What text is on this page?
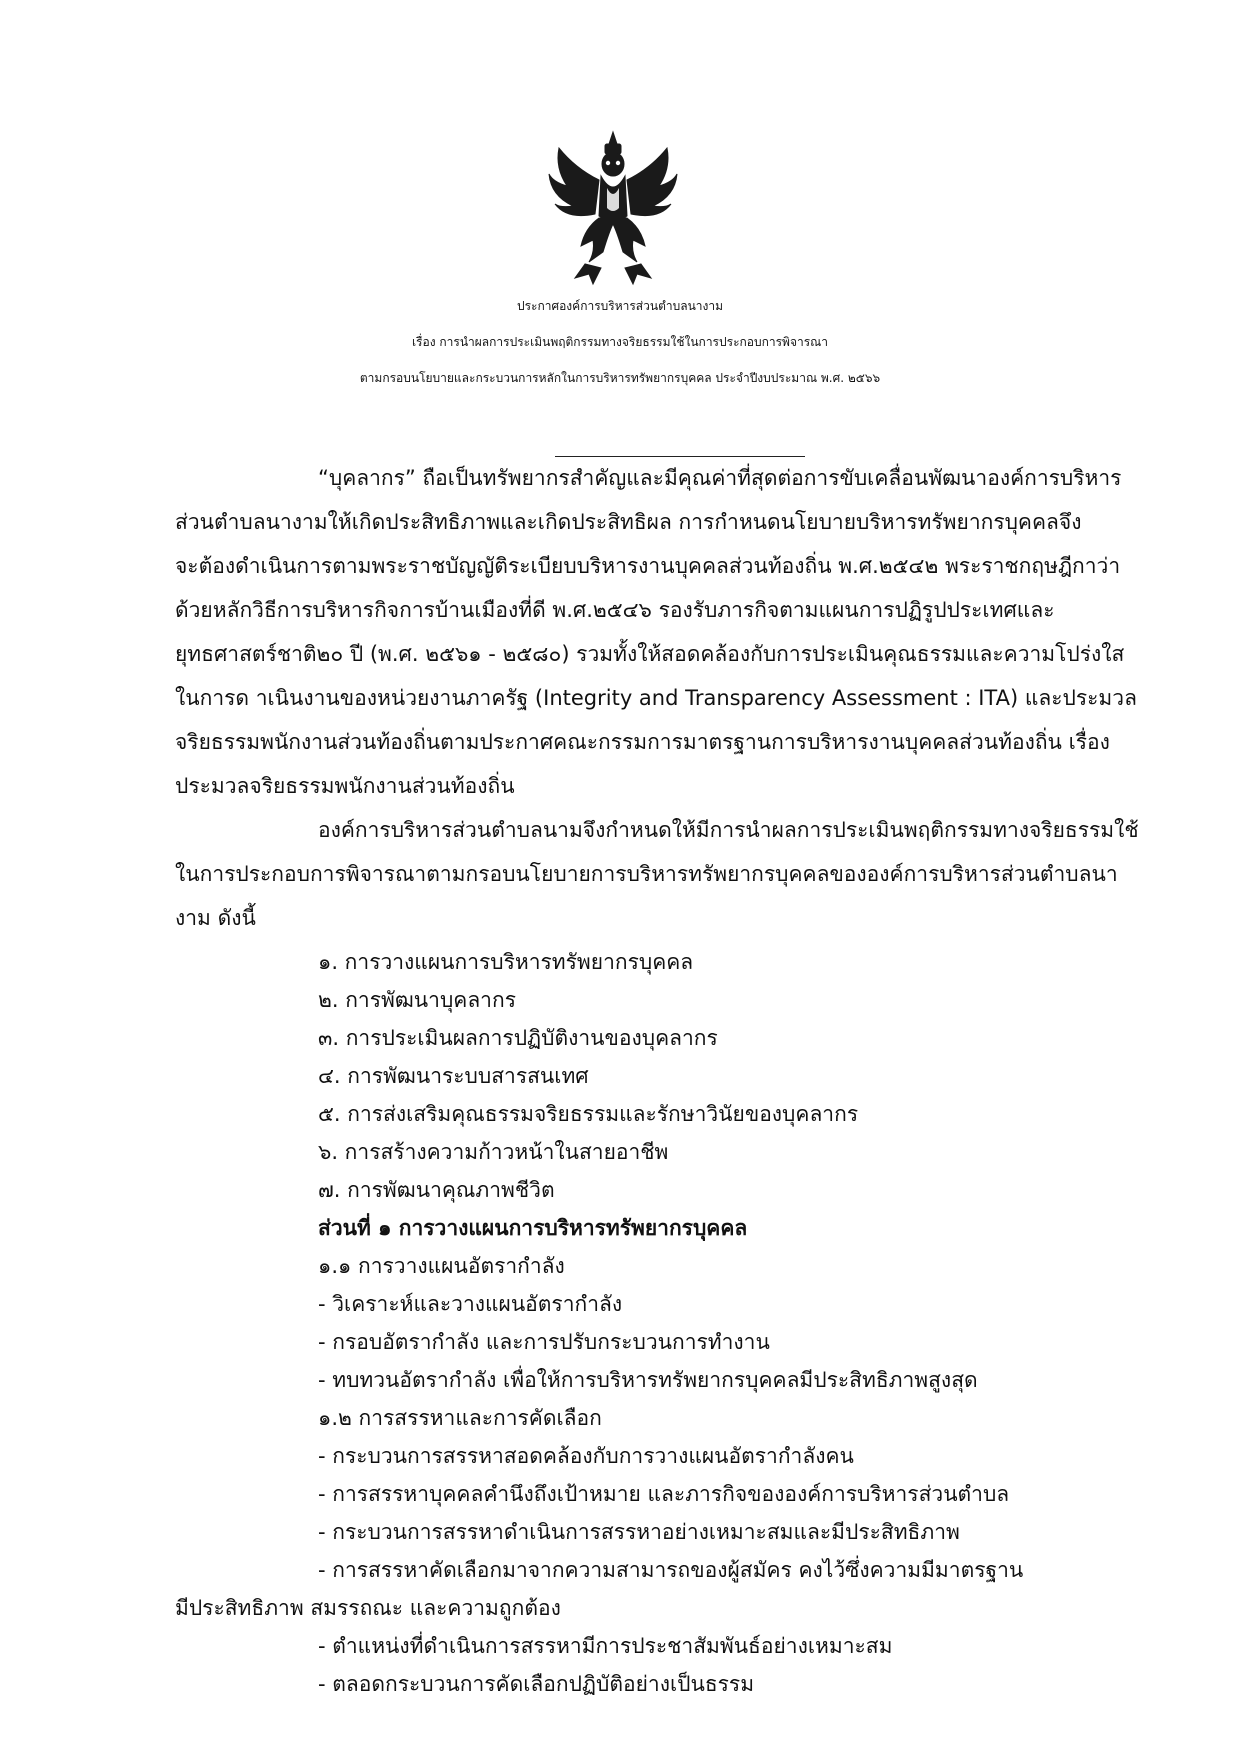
ประกาศองค์การบริหารส่วนตำบลนางาม
เรื่อง การนำผลการประเมินพฤติกรรมทางจริยธรรมใช้ในการประกอบการพิจารณา
ตามกรอบนโยบายและกระบวนการหลักในการบริหารทรัพยากรบุคคล ประจำปีงบประมาณ พ.ศ. ๒๕๖๖
“บุคลากร” ถือเป็นทรัพยากรสำคัญและมีคุณค่าที่สุดต่อการขับเคลื่อนพัฒนาองค์การบริหาร
ส่วนตำบลนางามให้เกิดประสิทธิภาพและเกิดประสิทธิผล การกำหนดนโยบายบริหารทรัพยากรบุคคลจึง
จะต้องดำเนินการตามพระราชบัญญัติระเบียบบริหารงานบุคคลส่วนท้องถิ่น พ.ศ.๒๕๔๒ พระราชกฤษฎีกาว่า
ด้วยหลักวิธีการบริหารกิจการบ้านเมืองที่ดี พ.ศ.๒๕๔๖ รองรับภารกิจตามแผนการปฏิรูปประเทศและ
ยุทธศาสตร์ชาติ๒๐ ปี (พ.ศ. ๒๕๖๑ - ๒๕๘๐) รวมทั้งให้สอดคล้องกับการประเมินคุณธรรมและความโปร่งใส
ในการด าเนินงานของหน่วยงานภาครัฐ (Integrity and Transparency Assessment : ITA) และประมวล
จริยธรรมพนักงานส่วนท้องถิ่นตามประกาศคณะกรรมการมาตรฐานการบริหารงานบุคคลส่วนท้องถิ่น เรื่อง
ประมวลจริยธรรมพนักงานส่วนท้องถิ่น
องค์การบริหารส่วนตำบลนามจึงกำหนดให้มีการนำผลการประเมินพฤติกรรมทางจริยธรรมใช้
ในการประกอบการพิจารณาตามกรอบนโยบายการบริหารทรัพยากรบุคคลขององค์การบริหารส่วนตำบลนา
งาม ดังนี้
๑. การวางแผนการบริหารทรัพยากรบุคคล
๒. การพัฒนาบุคลากร
๓. การประเมินผลการปฏิบัติงานของบุคลากร
๔. การพัฒนาระบบสารสนเทศ
๕. การส่งเสริมคุณธรรมจริยธรรมและรักษาวินัยของบุคลากร
๖. การสร้างความก้าวหน้าในสายอาชีพ
๗. การพัฒนาคุณภาพชีวิต
ส่วนที่ ๑ การวางแผนการบริหารทรัพยากรบุคคล
๑.๑ การวางแผนอัตรากำลัง
- วิเคราะห์และวางแผนอัตรากำลัง
- กรอบอัตรากำลัง และการปรับกระบวนการทำงาน
- ทบทวนอัตรากำลัง เพื่อให้การบริหารทรัพยากรบุคคลมีประสิทธิภาพสูงสุด
๑.๒ การสรรหาและการคัดเลือก
- กระบวนการสรรหาสอดคล้องกับการวางแผนอัตรากำลังคน
- การสรรหาบุคคลคำนึงถึงเป้าหมาย และภารกิจขององค์การบริหารส่วนตำบล
- กระบวนการสรรหาดำเนินการสรรหาอย่างเหมาะสมและมีประสิทธิภาพ
- การสรรหาคัดเลือกมาจากความสามารถของผู้สมัคร คงไว้ซึ่งความมีมาตรฐาน
มีประสิทธิภาพ สมรรถณะ และความถูกต้อง
- ตำแหน่งที่ดำเนินการสรรหามีการประชาสัมพันธ์อย่างเหมาะสม
- ตลอดกระบวนการคัดเลือกปฏิบัติอย่างเป็นธรรม
